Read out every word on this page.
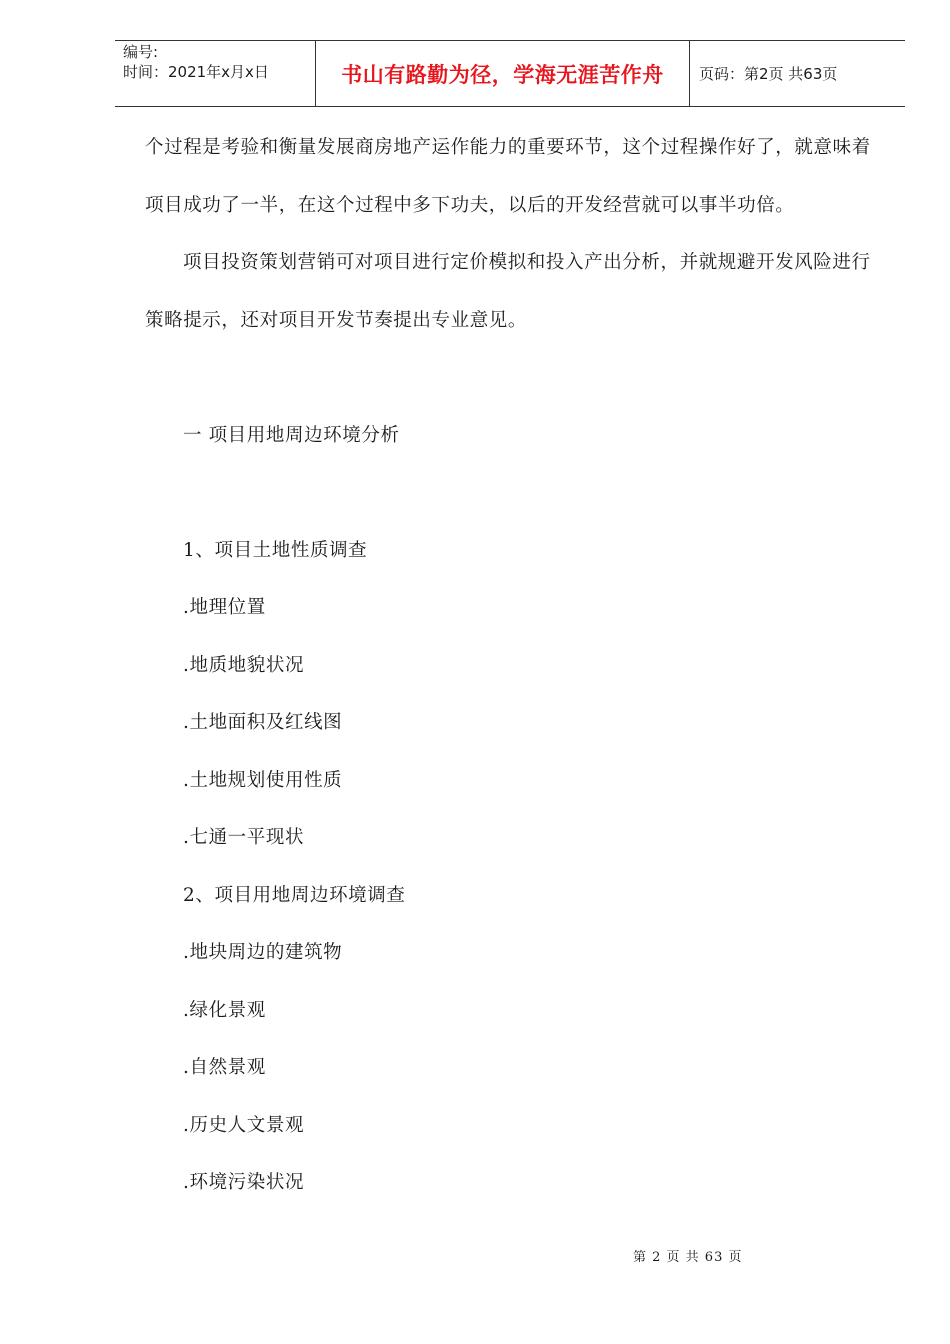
编号:
时间：2021年x月x日	书山有路勤为径，学海无涯苦作舟 页码：第2页 共63页
个过程是考验和衡量发展商房地产运作能力的重要环节，这个过程操作好了，就意味着
项目成功了一半，在这个过程中多下功夫，以后的开发经营就可以事半功倍。
项目投资策划营销可对项目进行定价模拟和投入产出分析，并就规避开发风险进行
策略提示，还对项目开发节奏提出专业意见。
一 项目用地周边环境分析
1、项目土地性质调查
.地理位置
.地质地貌状况
.土地面积及红线图
.土地规划使用性质
.七通一平现状
2、项目用地周边环境调查
.地块周边的建筑物
.绿化景观
.自然景观
.历史人文景观
.环境污染状况
第 2 页 共 63 页
